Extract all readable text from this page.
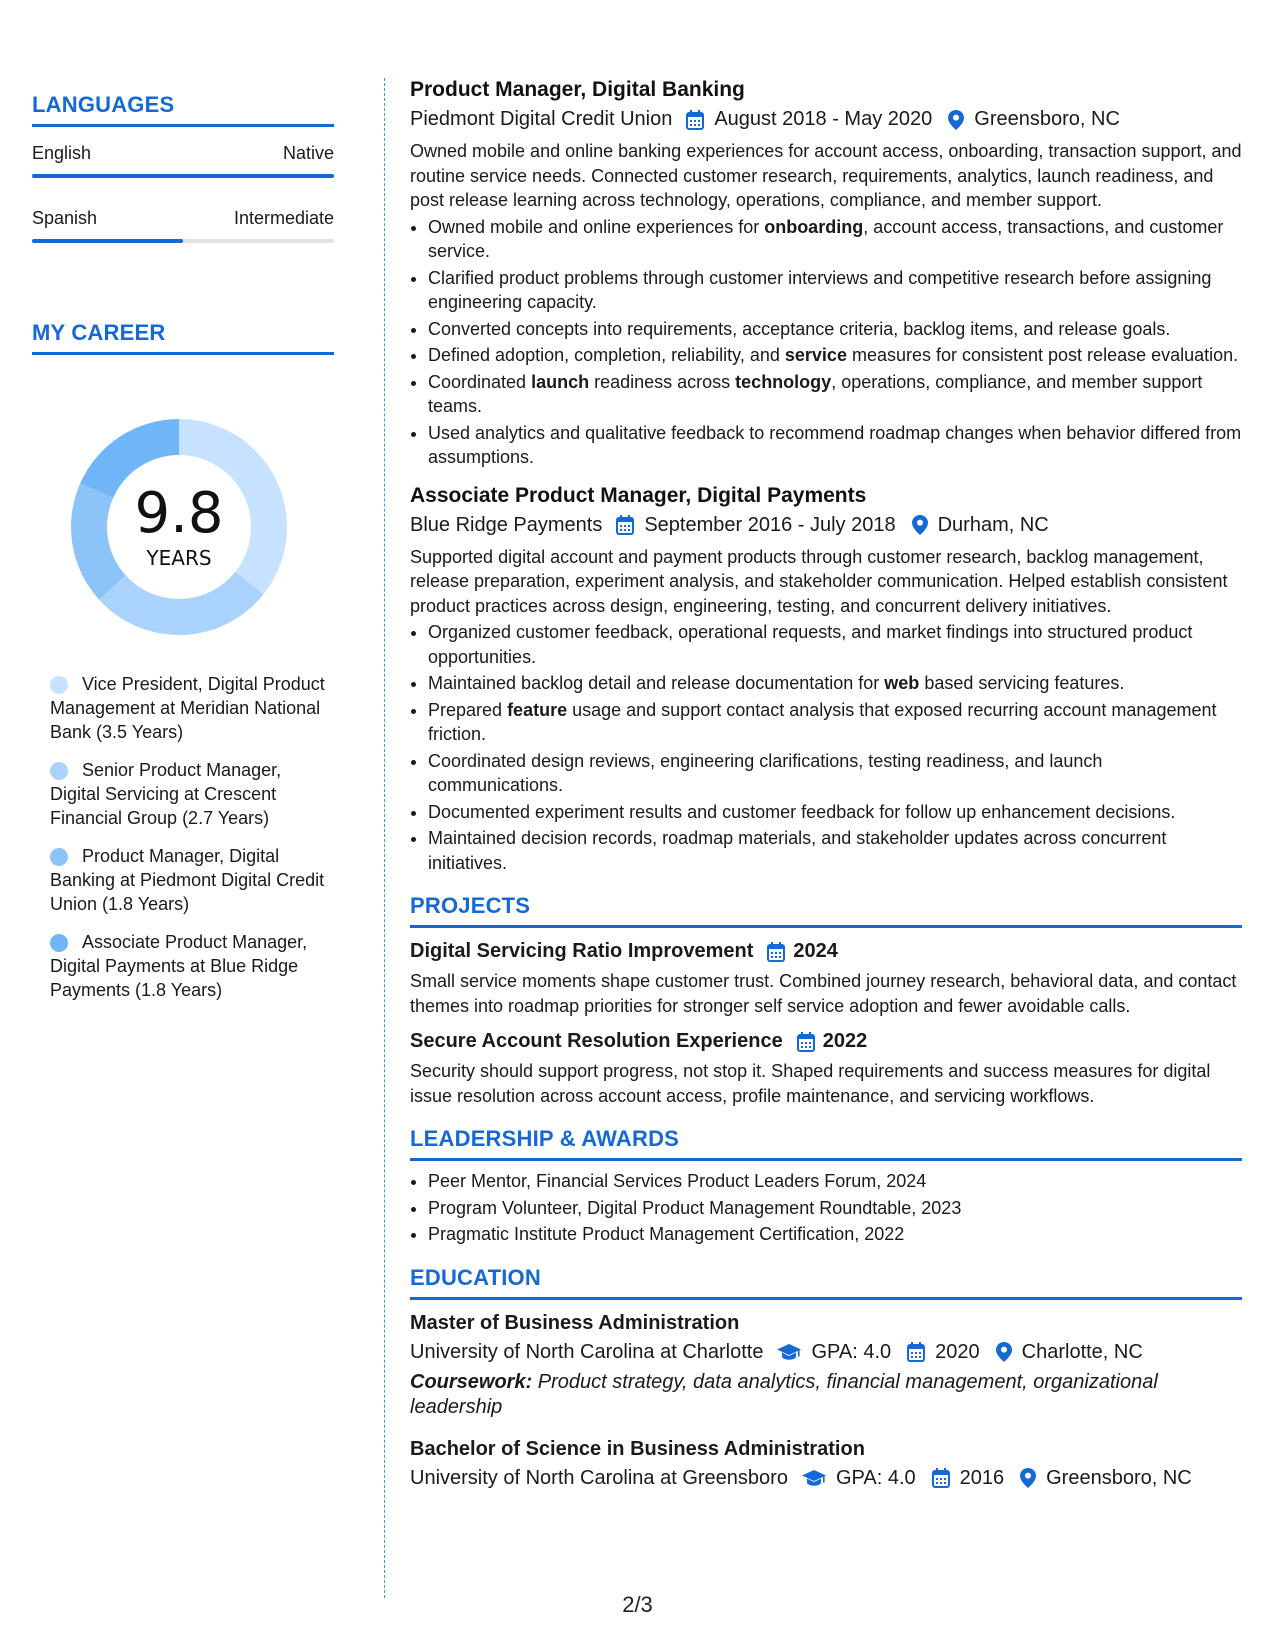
LANGUAGES
English	Native
Spanish	Intermediate
MY CAREER
9.8
YEARS
Vice President, Digital Product Management at Meridian National Bank (3.5 Years)
Senior Product Manager, Digital Servicing at Crescent Financial Group (2.7 Years)
Product Manager, Digital Banking at Piedmont Digital Credit Union (1.8 Years)
Associate Product Manager, Digital Payments at Blue Ridge Payments (1.8 Years)
Product Manager, Digital Banking
Piedmont Digital Credit Union August 2018 - May 2020 Greensboro, NC
Owned mobile and online banking experiences for account access, onboarding, transaction support, and routine service needs. Connected customer research, requirements, analytics, launch readiness, and post release learning across technology, operations, compliance, and member support.
• Owned mobile and online experiences for onboarding, account access, transactions, and customer service.
• Clarified product problems through customer interviews and competitive research before assigning engineering capacity.
• Converted concepts into requirements, acceptance criteria, backlog items, and release goals.
• Defined adoption, completion, reliability, and service measures for consistent post release evaluation.
• Coordinated launch readiness across technology, operations, compliance, and member support teams.
• Used analytics and qualitative feedback to recommend roadmap changes when behavior differed from assumptions.
Associate Product Manager, Digital Payments
Blue Ridge Payments September 2016 - July 2018 Durham, NC
Supported digital account and payment products through customer research, backlog management, release preparation, experiment analysis, and stakeholder communication. Helped establish consistent product practices across design, engineering, testing, and concurrent delivery initiatives.
• Organized customer feedback, operational requests, and market findings into structured product opportunities.
• Maintained backlog detail and release documentation for web based servicing features.
• Prepared feature usage and support contact analysis that exposed recurring account management friction.
• Coordinated design reviews, engineering clarifications, testing readiness, and launch communications.
• Documented experiment results and customer feedback for follow up enhancement decisions.
• Maintained decision records, roadmap materials, and stakeholder updates across concurrent initiatives.
PROJECTS
Digital Servicing Ratio Improvement 2024
Small service moments shape customer trust. Combined journey research, behavioral data, and contact themes into roadmap priorities for stronger self service adoption and fewer avoidable calls.
Secure Account Resolution Experience 2022
Security should support progress, not stop it. Shaped requirements and success measures for digital issue resolution across account access, profile maintenance, and servicing workflows.
LEADERSHIP & AWARDS
• Peer Mentor, Financial Services Product Leaders Forum, 2024
• Program Volunteer, Digital Product Management Roundtable, 2023
• Pragmatic Institute Product Management Certification, 2022
EDUCATION
Master of Business Administration
University of North Carolina at Charlotte GPA: 4.0 2020 Charlotte, NC
Coursework: Product strategy, data analytics, financial management, organizational leadership
Bachelor of Science in Business Administration
University of North Carolina at Greensboro GPA: 4.0 2016 Greensboro, NC
2/3
